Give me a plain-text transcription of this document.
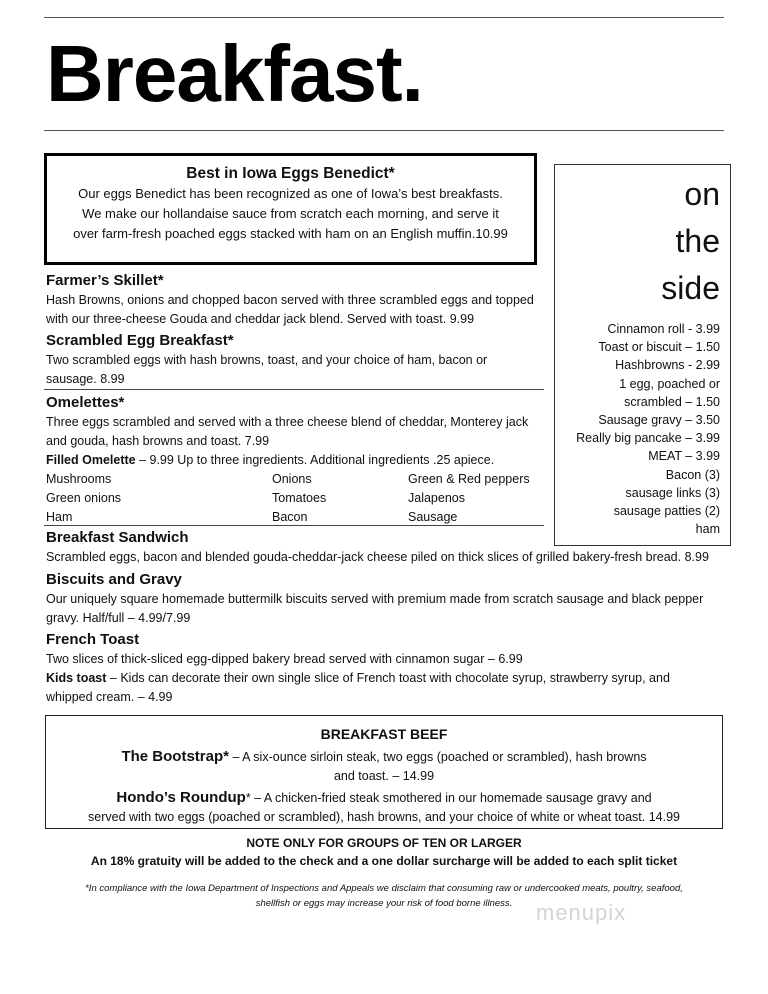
Breakfast.
Best in Iowa Eggs Benedict*
Our eggs Benedict has been recognized as one of Iowa’s best breakfasts.
We make our hollandaise sauce from scratch each morning, and serve it
over farm-fresh poached eggs stacked with ham on an English muffin.10.99
on
the
side
Cinnamon roll - 3.99
Toast or biscuit – 1.50
Hashbrowns - 2.99
1 egg, poached or
scrambled – 1.50
Sausage gravy – 3.50
Really big pancake – 3.99
MEAT – 3.99
Bacon (3)
sausage links (3)
sausage patties (2)
ham
Farmer’s Skillet*
Hash Browns, onions and chopped bacon served with three scrambled eggs and topped
with our three-cheese Gouda and cheddar jack blend. Served with toast. 9.99
Scrambled Egg Breakfast*
Two scrambled eggs with hash browns, toast, and your choice of ham, bacon or
sausage. 8.99
Omelettes*
Three eggs scrambled and served with a three cheese blend of cheddar, Monterey jack
and gouda, hash browns and toast. 7.99
Filled Omelette – 9.99 Up to three ingredients. Additional ingredients .25 apiece.
Mushrooms	Onions	Green & Red peppers
Green onions	Tomatoes	Jalapenos
Ham	Bacon	Sausage
Breakfast Sandwich
Scrambled eggs, bacon and blended gouda-cheddar-jack cheese piled on thick slices of grilled bakery-fresh bread. 8.99
Biscuits and Gravy
Our uniquely square homemade buttermilk biscuits served with premium made from scratch sausage and black pepper
gravy. Half/full – 4.99/7.99
French Toast
Two slices of thick-sliced egg-dipped bakery bread served with cinnamon sugar – 6.99
Kids toast – Kids can decorate their own single slice of French toast with chocolate syrup, strawberry syrup, and
whipped cream. – 4.99
BREAKFAST BEEF
The Bootstrap* – A six-ounce sirloin steak, two eggs (poached or scrambled), hash browns
and toast. – 14.99
Hondo’s Roundup* – A chicken-fried steak smothered in our homemade sausage gravy and
served with two eggs (poached or scrambled), hash browns, and your choice of white or wheat toast. 14.99
NOTE ONLY FOR GROUPS OF TEN OR LARGER
An 18% gratuity will be added to the check and a one dollar surcharge will be added to each split ticket
*In compliance with the Iowa Department of Inspections and Appeals we disclaim that consuming raw or undercooked meats, poultry, seafood,
shellfish or eggs may increase your risk of food borne illness.	menupix
